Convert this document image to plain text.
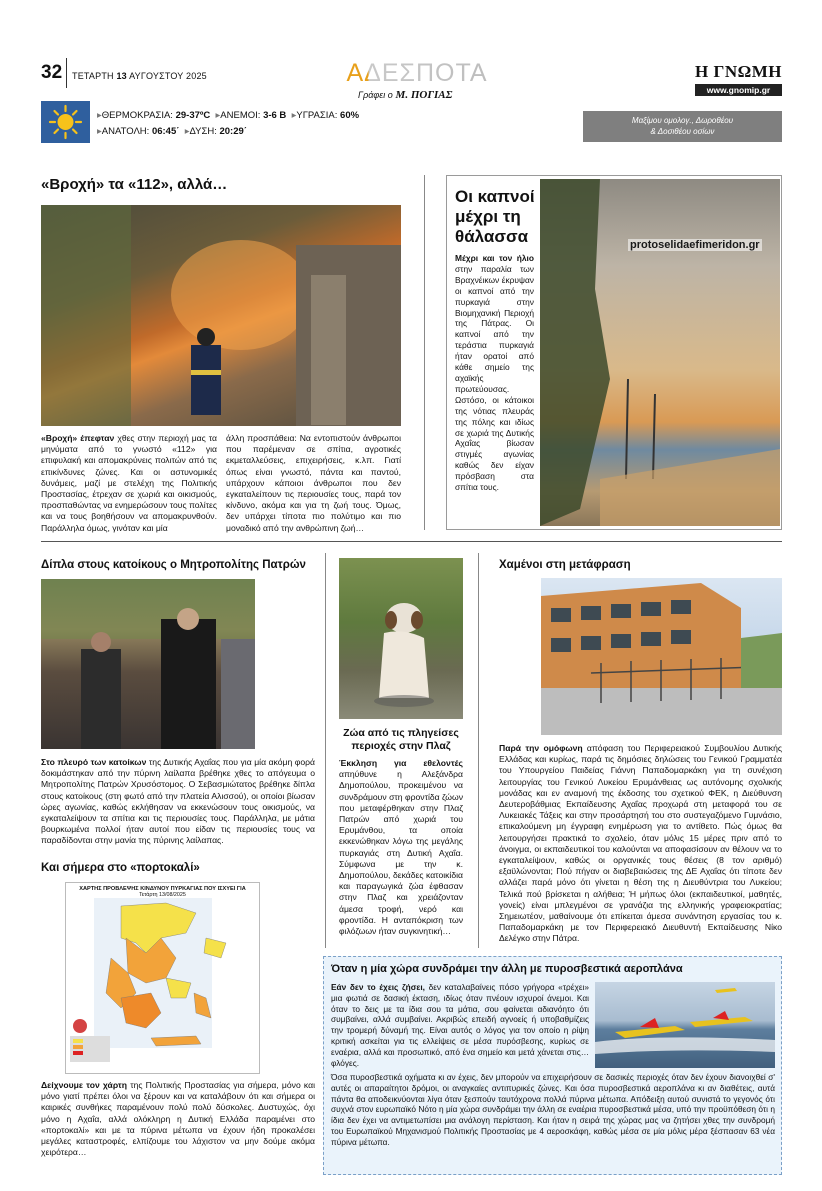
32 ΤΕΤΑΡΤΗ 13 ΑΥΓΟΥΣΤΟΥ 2025	ΑΔΕΣΠΟΤΑ
Γράφει ο Μ. ΠΟΓΙΑΣ
Η ΓΝΩΜΗ
www.gnomip.gr
▸ΘΕΡΜΟΚΡΑΣΙΑ: 29-37ºC ▸ΑΝΕΜΟΙ: 3-6 Β ▸ΥΓΡΑΣΙΑ: 60%
▸ΑΝΑΤΟΛΗ: 06:45΄ ▸ΔΥΣΗ: 20:29΄
Μαξίμου ομολογ., Δωροθέου
& Δοσιθέου οσίων
«Βροχή» τα «112», αλλά…
«Βροχή» έπεφταν χθες στην περιοχή μας τα μηνύματα από το γνωστό «112» για επιφυλακή και απομακρύνεις πολιτών από τις επικίνδυνες ζώνες. Και οι αστυνομικές δυνάμεις, μαζί με στελέχη της Πολιτικής Προστασίας, έτρεχαν σε χωριά και οικισμούς, προσπαθώντας να ενημερώσουν τους πολίτες και να τους βοηθήσουν να απομακρυνθούν. Παράλληλα όμως, γινόταν και μία
άλλη προσπάθεια: Να εντοπιστούν άνθρωποι που παρέμεναν σε σπίτια, αγροτικές εκμεταλλεύσεις, επιχειρήσεις, κ.λπ. Γιατί όπως είναι γνωστό, πάντα και παντού, υπάρχουν κάποιοι άνθρωποι που δεν εγκαταλείπουν τις περιουσίες τους, παρά τον κίνδυνο, ακόμα και για τη ζωή τους. Όμως, δεν υπάρχει τίποτα πιο πολύτιμο και πιο μοναδικό από την ανθρώπινη ζωή…
Οι καπνοί
μέχρι τη
θάλασσα
Μέχρι και τον ήλιο στην παραλία των Βραχνέικων έκρυψαν οι καπνοί από την πυρκαγιά στην Βιομηχανική Περιοχή της Πάτρας. Οι καπνοί από την τεράστια πυρκαγιά ήταν ορατοί από κάθε σημείο της αχαϊκής πρωτεύουσας. Ωστόσο, οι κάτοικοι της νότιας πλευράς της πόλης και ιδίως σε χωριά της Δυτικής Αχαΐας βίωσαν στιγμές αγωνίας καθώς δεν είχαν πρόσβαση στα σπίτια τους.
protoselidaefimeridon.gr
Δίπλα στους κατοίκους ο Μητροπολίτης Πατρών
Στο πλευρό των κατοίκων της Δυτικής Αχαΐας που για μία ακόμη φορά δοκιμάστηκαν από την πύρινη λαίλαπα βρέθηκε χθες το απόγευμα ο Μητροπολίτης Πατρών Χρυσόστομος. Ο Σεβασμιώτατος βρέθηκε δίπλα στους κατοίκους (στη φωτό από την πλατεία Αλισσού), οι οποίοι βίωσαν ώρες αγωνίας, καθώς εκλήθησαν να εκκενώσουν τους οικισμούς, να εγκαταλείψουν τα σπίτια και τις περιουσίες τους. Παράλληλα, με μάτια βουρκωμένα πολλοί ήταν αυτοί που είδαν τις περιουσίες τους να παραδίδονται στην μανία της πύρινης λαίλαπας.
Και σήμερα στο «πορτοκαλί»
ΧΑΡΤΗΣ ΠΡΟΒΛΕΨΗΣ ΚΙΝΔΥΝΟΥ ΠΥΡΚΑΓΙΑΣ ΠΟΥ ΙΣΧΥΕΙ ΓΙΑ
Τετάρτη 13/08/2025
Δείχνουμε τον χάρτη της Πολιτικής Προστασίας για σήμερα, μόνο και μόνο γιατί πρέπει όλοι να ξέρουν και να καταλάβουν ότι και σήμερα οι καιρικές συνθήκες παραμένουν πολύ πολύ δύσκολες. Δυστυχώς, όχι μόνο η Αχαΐα, αλλά ολόκληρη η Δυτική Ελλάδα παραμένει στο «πορτοκαλί» και με τα πύρινα μέτωπα να έχουν ήδη προκαλέσει μεγάλες καταστροφές, ελπίζουμε του λάχιστον να μην δούμε ακόμα χειρότερα…
Ζώα από τις πληγείσες
περιοχές στην Πλαζ
Έκκληση για εθελοντές απηύθυνε η Αλεξάνδρα Δημοπούλου, προκειμένου να συνδράμουν στη φροντίδα ζώων που μεταφέρθηκαν στην Πλαζ Πατρών από χωριά του Ερυμάνθου, τα οποία εκκενώθηκαν λόγω της μεγάλης πυρκαγιάς στη Δυτική Αχαΐα. Σύμφωνα με την κ. Δημοπούλου, δεκάδες κατοικίδια και παραγωγικά ζώα έφθασαν στην Πλαζ και χρειάζονταν άμεσα τροφή, νερό και φροντίδα. Η ανταπόκριση των φιλόζωων ήταν συγκινητική…
Χαμένοι στη μετάφραση
Παρά την ομόφωνη απόφαση του Περιφερειακού Συμβουλίου Δυτικής Ελλάδας και κυρίως, παρά τις δημόσιες δηλώσεις του Γενικού Γραμματέα του Υπουργείου Παιδείας Γιάννη Παπαδομαρκάκη για τη συνέχιση λειτουργίας του Γενικού Λυκείου Ερυμάνθειας ως αυτόνομης σχολικής μονάδας και εν αναμονή της έκδοσης του σχετικού ΦΕΚ, η Διεύθυνση Δευτεροβάθμιας Εκπαίδευσης Αχαΐας προχωρά στη μεταφορά του σε Λυκειακές Τάξεις και στην προσάρτησή του στο συστεγαζόμενο Γυμνάσιο, επικαλούμενη μη έγγραφη ενημέρωση για το αντίθετο. Πώς όμως θα λειτουργήσει πρακτικά το σχολείο, όταν μόλις 15 μέρες πριν από το άνοιγμα, οι εκπαιδευτικοί του καλούνται να αποφασίσουν αν θέλουν να το εγκαταλείψουν, καθώς οι οργανικές τους θέσεις (8 τον αριθμό) εξαϋλώνονται; Πού πήγαν οι διαβεβαιώσεις της ΔΕ Αχαΐας ότι τίποτε δεν αλλάζει παρά μόνο ότι γίνεται η θέση της η Διευθύντρια του Λυκείου; Τελικά πού βρίσκεται η αλήθεια; Ή μήπως όλοι (εκπαιδευτικοί, μαθητές, γονείς) είναι μπλεγμένοι σε γρανάζια της ελληνικής γραφειοκρατίας; Σημειωτέον, μαθαίνουμε ότι επίκειται άμεσα συνάντηση εργασίας του κ. Παπαδομαρκάκη με τον Περιφερειακό Διευθυντή Εκπαίδευσης Νίκο Δελέγκο στην Πάτρα.
Όταν η μία χώρα συνδράμει την άλλη με πυροσβεστικά αεροπλάνα
Εάν δεν το έχεις ζήσει, δεν καταλαβαίνεις πόσο γρήγορα «τρέχει» μια φωτιά σε δασική έκταση, ιδίως όταν πνέουν ισχυροί άνεμοι. Και όταν το δεις με τα ίδια σου τα μάτια, σου φαίνεται αδιανόητο ότι συμβαίνει, αλλά συμβαίνει. Ακριβώς επειδή αγνοείς ή υποβαθμίζεις την τρομερή δύναμή της. Είναι αυτός ο λόγος για τον οποίο η ρίψη κριτική ασκείται για τις ελλείψεις σε μέσα πυρόσβεσης, κυρίως σε εναέρια, αλλά και προσωπικό, από ένα σημείο και μετά χάνεται στις… φλόγες.
Όσα πυροσβεστικά οχήματα κι αν έχεις, δεν μπορούν να επιχειρήσουν σε δασικές περιοχές όταν δεν έχουν διανοιχθεί σ' αυτές οι απαραίτητοι δρόμοι, οι αναγκαίες αντιπυρικές ζώνες. Και όσα πυροσβεστικά αεροπλάνα κι αν διαθέτεις, αυτά πάντα θα αποδεικνύονται λίγα όταν ξεσπούν ταυτόχρονα πολλά πύρινα μέτωπα. Απόδειξη αυτού συνιστά το γεγονός ότι συχνά στον ευρωπαϊκό Νότο η μία χώρα συνδράμει την άλλη σε εναέρια πυροσβεστικά μέσα, υπό την προϋπόθεση ότι η ίδια δεν έχει να αντιμετωπίσει μια ανάλογη περίσταση. Και ήταν η σειρά της χώρας μας να ζητήσει χθες την συνδρομή του Ευρωπαϊκού Μηχανισμού Πολιτικής Προστασίας με 4 αεροσκάφη, καθώς μέσα σε μία μόλις μέρα ξέσπασαν 63 νέα πύρινα μέτωπα.
